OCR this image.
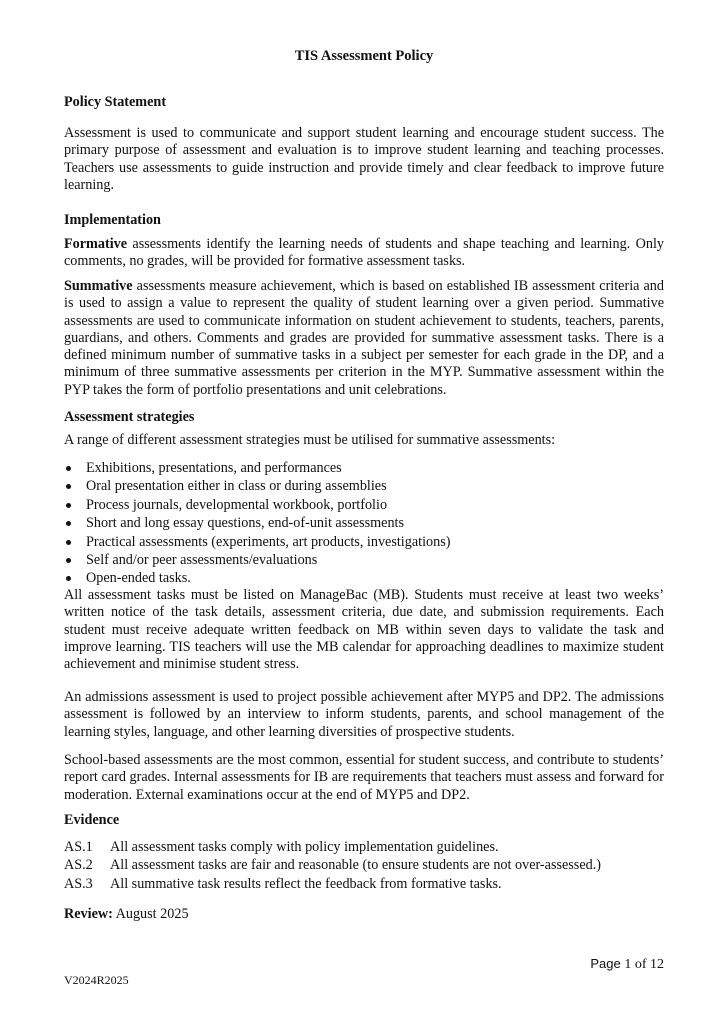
TIS Assessment Policy
Policy Statement

Assessment is used to communicate and support student learning and encourage student success. The primary purpose of assessment and evaluation is to improve student learning and teaching processes. Teachers use assessments to guide instruction and provide timely and clear feedback to improve future learning.

Implementation

Formative assessments identify the learning needs of students and shape teaching and learning. Only comments, no grades, will be provided for formative assessment tasks.

Summative assessments measure achievement, which is based on established IB assessment criteria and is used to assign a value to represent the quality of student learning over a given period. Summative assessments are used to communicate information on student achievement to students, teachers, parents, guardians, and others. Comments and grades are provided for summative assessment tasks. There is a defined minimum number of summative tasks in a subject per semester for each grade in the DP, and a minimum of three summative assessments per criterion in the MYP. Summative assessment within the PYP takes the form of portfolio presentations and unit celebrations.

Assessment strategies

A range of different assessment strategies must be utilised for summative assessments:

Exhibitions, presentations, and performances
Oral presentation either in class or during assemblies
Process journals, developmental workbook, portfolio
Short and long essay questions, end-of-unit assessments
Practical assessments (experiments, art products, investigations)
Self and/or peer assessments/evaluations
Open-ended tasks.

All assessment tasks must be listed on ManageBac (MB). Students must receive at least two weeks’ written notice of the task details, assessment criteria, due date, and submission requirements. Each student must receive adequate written feedback on MB within seven days to validate the task and improve learning. TIS teachers will use the MB calendar for approaching deadlines to maximize student achievement and minimise student stress.

An admissions assessment is used to project possible achievement after MYP5 and DP2. The admissions assessment is followed by an interview to inform students, parents, and school management of the learning styles, language, and other learning diversities of prospective students.

School-based assessments are the most common, essential for student success, and contribute to students’ report card grades. Internal assessments for IB are requirements that teachers must assess and forward for moderation. External examinations occur at the end of MYP5 and DP2.

Evidence
AS.1	All assessment tasks comply with policy implementation guidelines.
AS.2	All assessment tasks are fair and reasonable (to ensure students are not over-assessed.)
AS.3	All summative task results reflect the feedback from formative tasks.
Review: August 2025
Page 1 of 12
V2024R2025
